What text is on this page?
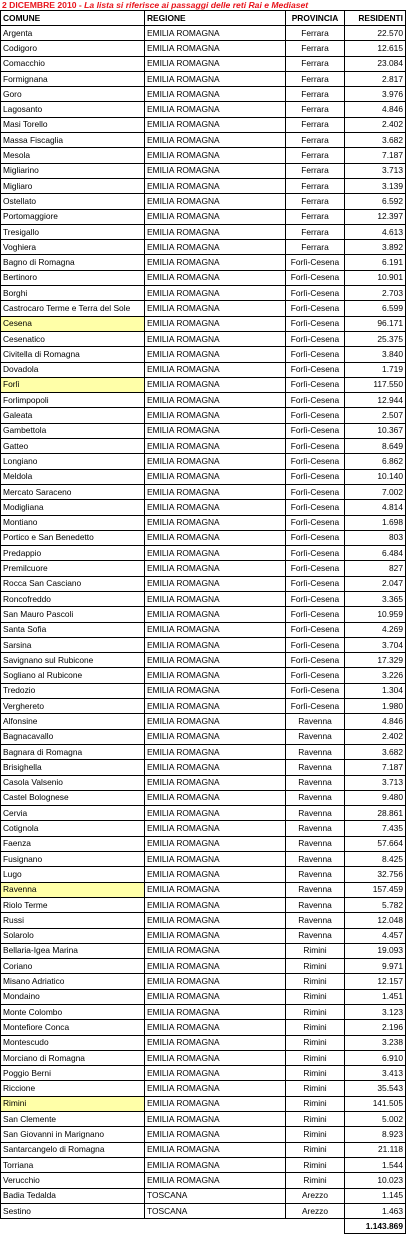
2 DICEMBRE 2010 - La lista si riferisce ai passaggi delle reti Rai e Mediaset
COMUNE	REGIONE	PROVINCIA	RESIDENTI
Argenta	EMILIA ROMAGNA	Ferrara	22.570
Codigoro	EMILIA ROMAGNA	Ferrara	12.615
Comacchio	EMILIA ROMAGNA	Ferrara	23.084
Formignana	EMILIA ROMAGNA	Ferrara	2.817
Goro	EMILIA ROMAGNA	Ferrara	3.976
Lagosanto	EMILIA ROMAGNA	Ferrara	4.846
Masi Torello	EMILIA ROMAGNA	Ferrara	2.402
Massa Fiscaglia	EMILIA ROMAGNA	Ferrara	3.682
Mesola	EMILIA ROMAGNA	Ferrara	7.187
Migliarino	EMILIA ROMAGNA	Ferrara	3.713
Migliaro	EMILIA ROMAGNA	Ferrara	3.139
Ostellato	EMILIA ROMAGNA	Ferrara	6.592
Portomaggiore	EMILIA ROMAGNA	Ferrara	12.397
Tresigallo	EMILIA ROMAGNA	Ferrara	4.613
Voghiera	EMILIA ROMAGNA	Ferrara	3.892
Bagno di Romagna	EMILIA ROMAGNA	Forlì-Cesena	6.191
Bertinoro	EMILIA ROMAGNA	Forlì-Cesena	10.901
Borghi	EMILIA ROMAGNA	Forlì-Cesena	2.703
Castrocaro Terme e Terra del Sole	EMILIA ROMAGNA	Forlì-Cesena	6.599
Cesena	EMILIA ROMAGNA	Forlì-Cesena	96.171
Cesenatico	EMILIA ROMAGNA	Forlì-Cesena	25.375
Civitella di Romagna	EMILIA ROMAGNA	Forlì-Cesena	3.840
Dovadola	EMILIA ROMAGNA	Forlì-Cesena	1.719
Forlì	EMILIA ROMAGNA	Forlì-Cesena	117.550
Forlimpopoli	EMILIA ROMAGNA	Forlì-Cesena	12.944
Galeata	EMILIA ROMAGNA	Forlì-Cesena	2.507
Gambettola	EMILIA ROMAGNA	Forlì-Cesena	10.367
Gatteo	EMILIA ROMAGNA	Forlì-Cesena	8.649
Longiano	EMILIA ROMAGNA	Forlì-Cesena	6.862
Meldola	EMILIA ROMAGNA	Forlì-Cesena	10.140
Mercato Saraceno	EMILIA ROMAGNA	Forlì-Cesena	7.002
Modigliana	EMILIA ROMAGNA	Forlì-Cesena	4.814
Montiano	EMILIA ROMAGNA	Forlì-Cesena	1.698
Portico e San Benedetto	EMILIA ROMAGNA	Forlì-Cesena	803
Predappio	EMILIA ROMAGNA	Forlì-Cesena	6.484
Premilcuore	EMILIA ROMAGNA	Forlì-Cesena	827
Rocca San Casciano	EMILIA ROMAGNA	Forlì-Cesena	2.047
Roncofreddo	EMILIA ROMAGNA	Forlì-Cesena	3.365
San Mauro Pascoli	EMILIA ROMAGNA	Forlì-Cesena	10.959
Santa Sofia	EMILIA ROMAGNA	Forlì-Cesena	4.269
Sarsina	EMILIA ROMAGNA	Forlì-Cesena	3.704
Savignano sul Rubicone	EMILIA ROMAGNA	Forlì-Cesena	17.329
Sogliano al Rubicone	EMILIA ROMAGNA	Forlì-Cesena	3.226
Tredozio	EMILIA ROMAGNA	Forlì-Cesena	1.304
Verghereto	EMILIA ROMAGNA	Forlì-Cesena	1.980
Alfonsine	EMILIA ROMAGNA	Ravenna	4.846
Bagnacavallo	EMILIA ROMAGNA	Ravenna	2.402
Bagnara di Romagna	EMILIA ROMAGNA	Ravenna	3.682
Brisighella	EMILIA ROMAGNA	Ravenna	7.187
Casola Valsenio	EMILIA ROMAGNA	Ravenna	3.713
Castel Bolognese	EMILIA ROMAGNA	Ravenna	9.480
Cervia	EMILIA ROMAGNA	Ravenna	28.861
Cotignola	EMILIA ROMAGNA	Ravenna	7.435
Faenza	EMILIA ROMAGNA	Ravenna	57.664
Fusignano	EMILIA ROMAGNA	Ravenna	8.425
Lugo	EMILIA ROMAGNA	Ravenna	32.756
Ravenna	EMILIA ROMAGNA	Ravenna	157.459
Riolo Terme	EMILIA ROMAGNA	Ravenna	5.782
Russi	EMILIA ROMAGNA	Ravenna	12.048
Solarolo	EMILIA ROMAGNA	Ravenna	4.457
Bellaria-Igea Marina	EMILIA ROMAGNA	Rimini	19.093
Coriano	EMILIA ROMAGNA	Rimini	9.971
Misano Adriatico	EMILIA ROMAGNA	Rimini	12.157
Mondaino	EMILIA ROMAGNA	Rimini	1.451
Monte Colombo	EMILIA ROMAGNA	Rimini	3.123
Montefiore Conca	EMILIA ROMAGNA	Rimini	2.196
Montescudo	EMILIA ROMAGNA	Rimini	3.238
Morciano di Romagna	EMILIA ROMAGNA	Rimini	6.910
Poggio Berni	EMILIA ROMAGNA	Rimini	3.413
Riccione	EMILIA ROMAGNA	Rimini	35.543
Rimini	EMILIA ROMAGNA	Rimini	141.505
San Clemente	EMILIA ROMAGNA	Rimini	5.002
San Giovanni in Marignano	EMILIA ROMAGNA	Rimini	8.923
Santarcangelo di Romagna	EMILIA ROMAGNA	Rimini	21.118
Torriana	EMILIA ROMAGNA	Rimini	1.544
Verucchio	EMILIA ROMAGNA	Rimini	10.023
Badia Tedalda	TOSCANA	Arezzo	1.145
Sestino	TOSCANA	Arezzo	1.463
			1.143.869
